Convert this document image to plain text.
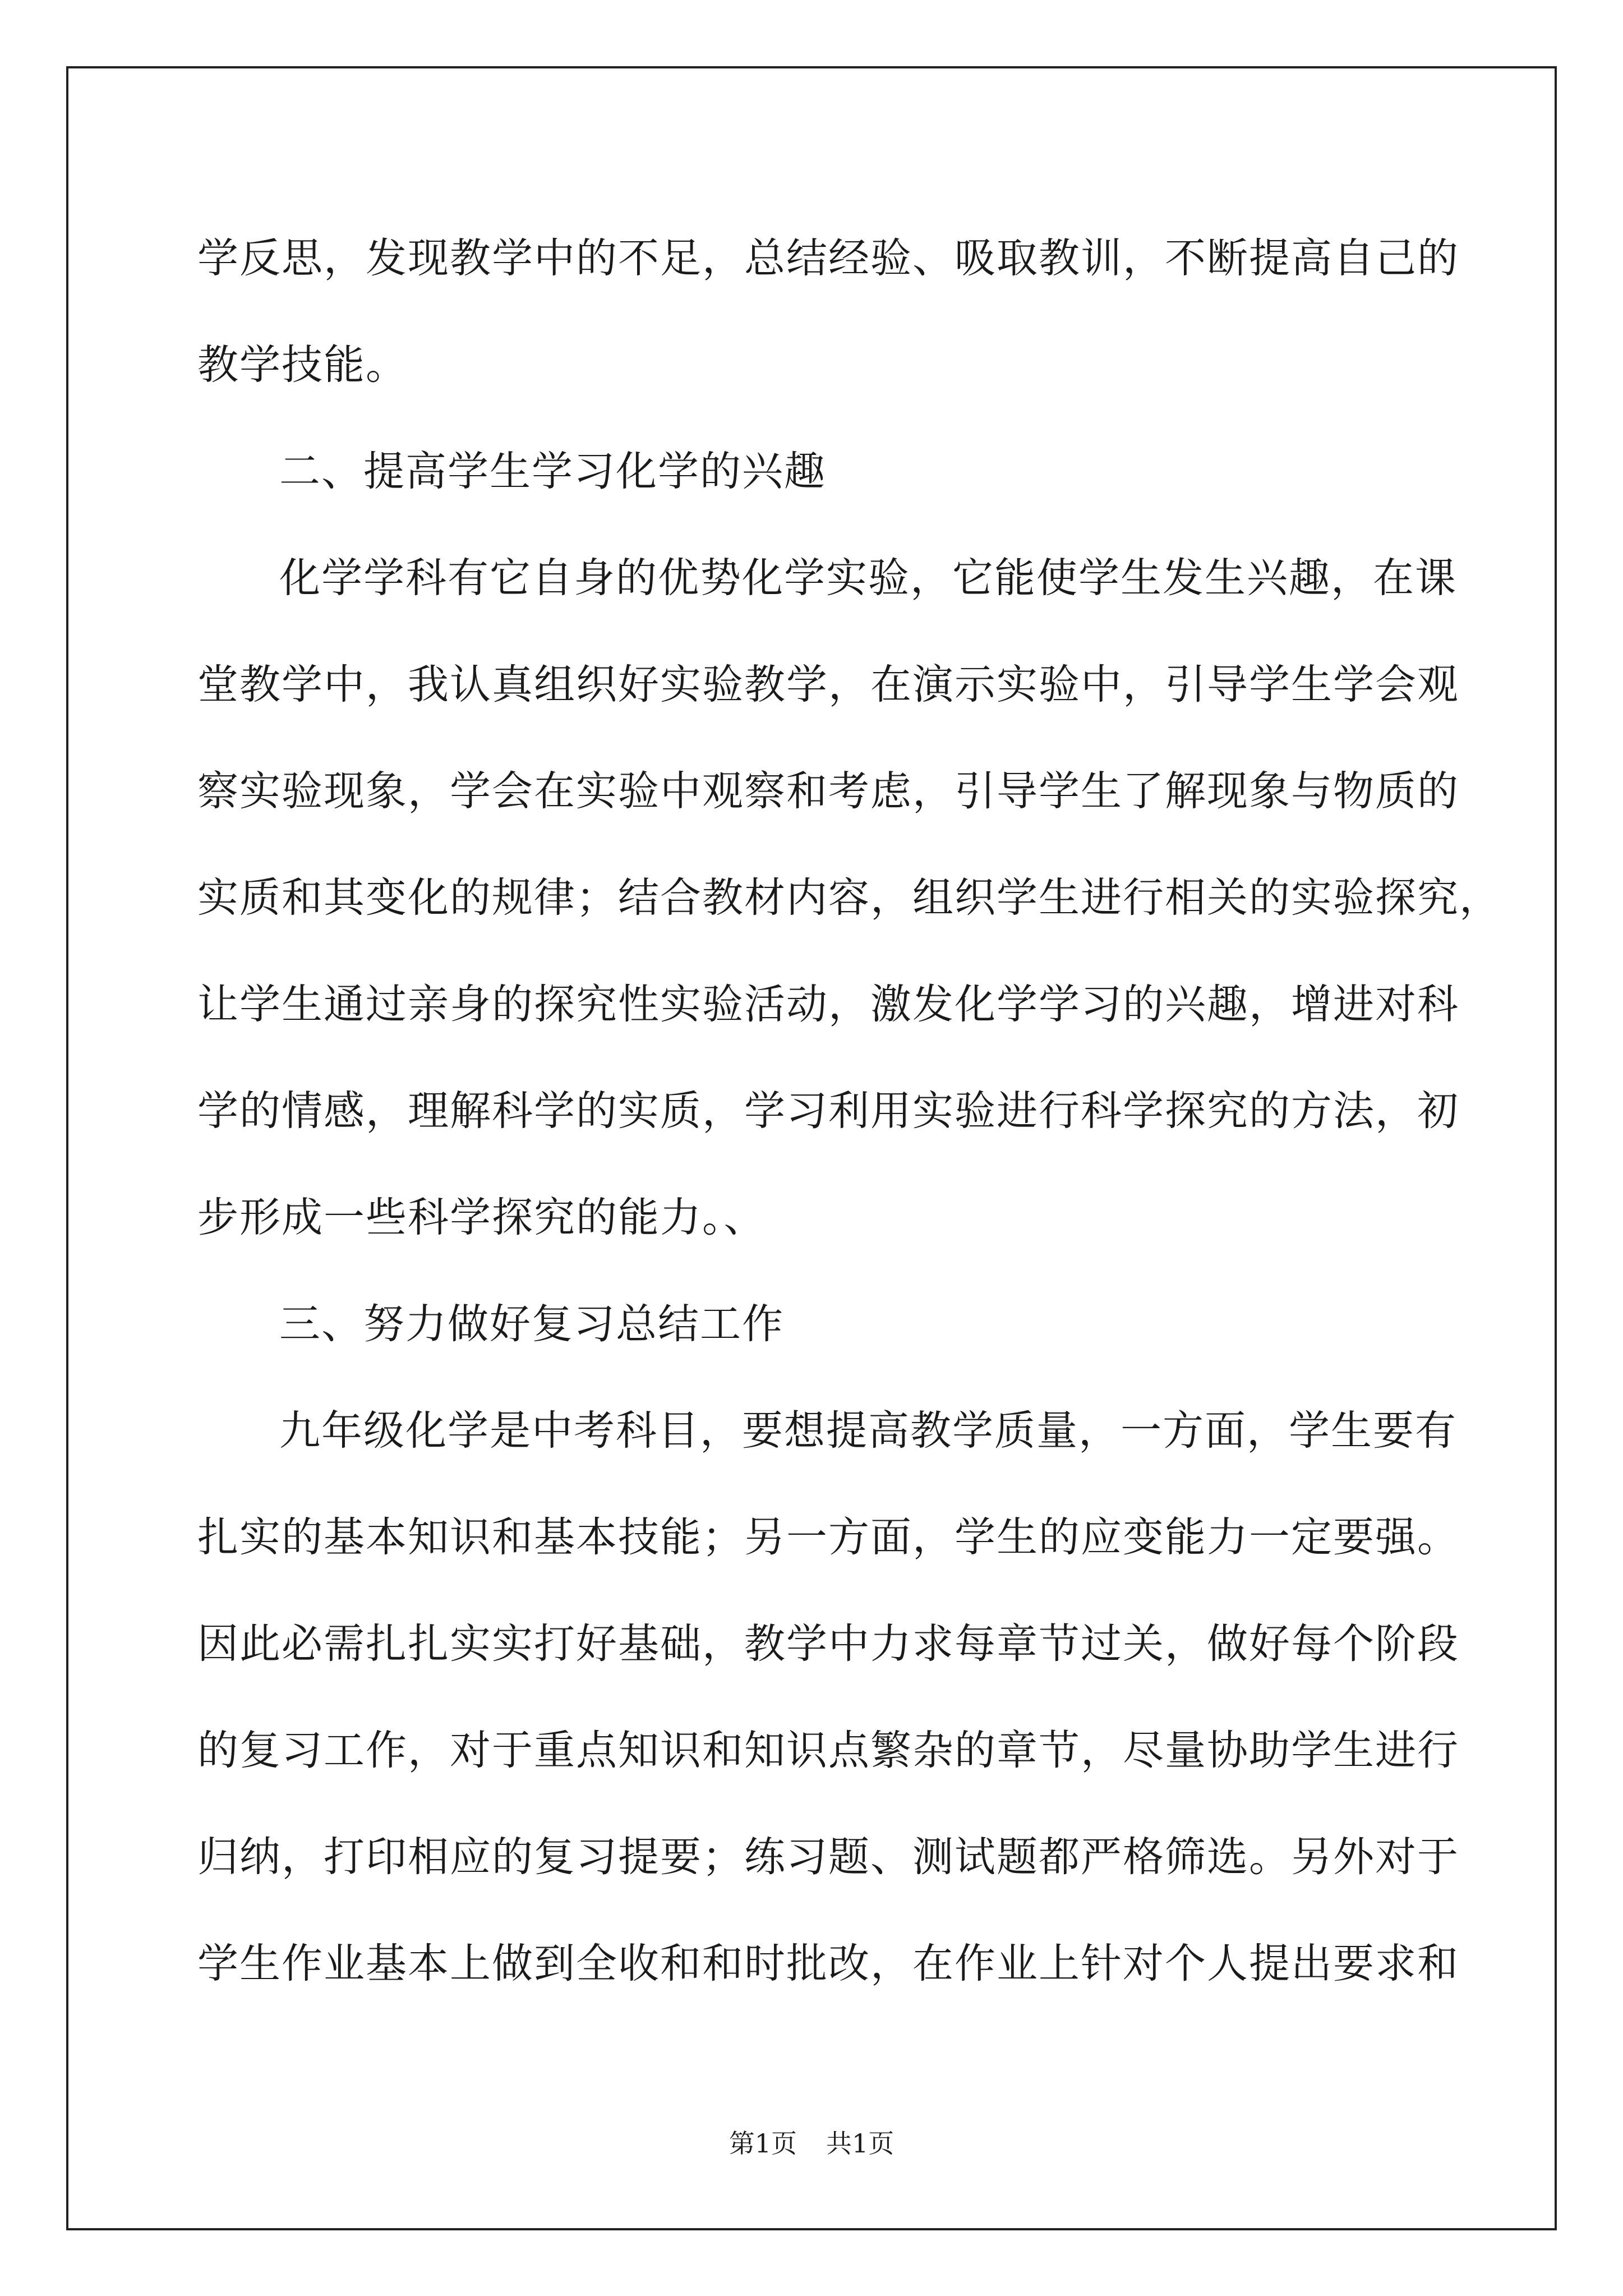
学反思，发现教学中的不足，总结经验、吸取教训，不断提高自己的
教学技能。
二、提高学生学习化学的兴趣
化学学科有它自身的优势化学实验，它能使学生发生兴趣，在课
堂教学中，我认真组织好实验教学，在演示实验中，引导学生学会观
察实验现象，学会在实验中观察和考虑，引导学生了解现象与物质的
实质和其变化的规律；结合教材内容，组织学生进行相关的实验探究，
让学生通过亲身的探究性实验活动，激发化学学习的兴趣，增进对科
学的情感，理解科学的实质，学习利用实验进行科学探究的方法，初
步形成一些科学探究的能力。、
三、努力做好复习总结工作
九年级化学是中考科目，要想提高教学质量，一方面，学生要有
扎实的基本知识和基本技能；另一方面，学生的应变能力一定要强。
因此必需扎扎实实打好基础，教学中力求每章节过关，做好每个阶段
的复习工作，对于重点知识和知识点繁杂的章节，尽量协助学生进行
归纳，打印相应的复习提要；练习题、测试题都严格筛选。另外对于
学生作业基本上做到全收和和时批改，在作业上针对个人提出要求和
第1页 共1页
